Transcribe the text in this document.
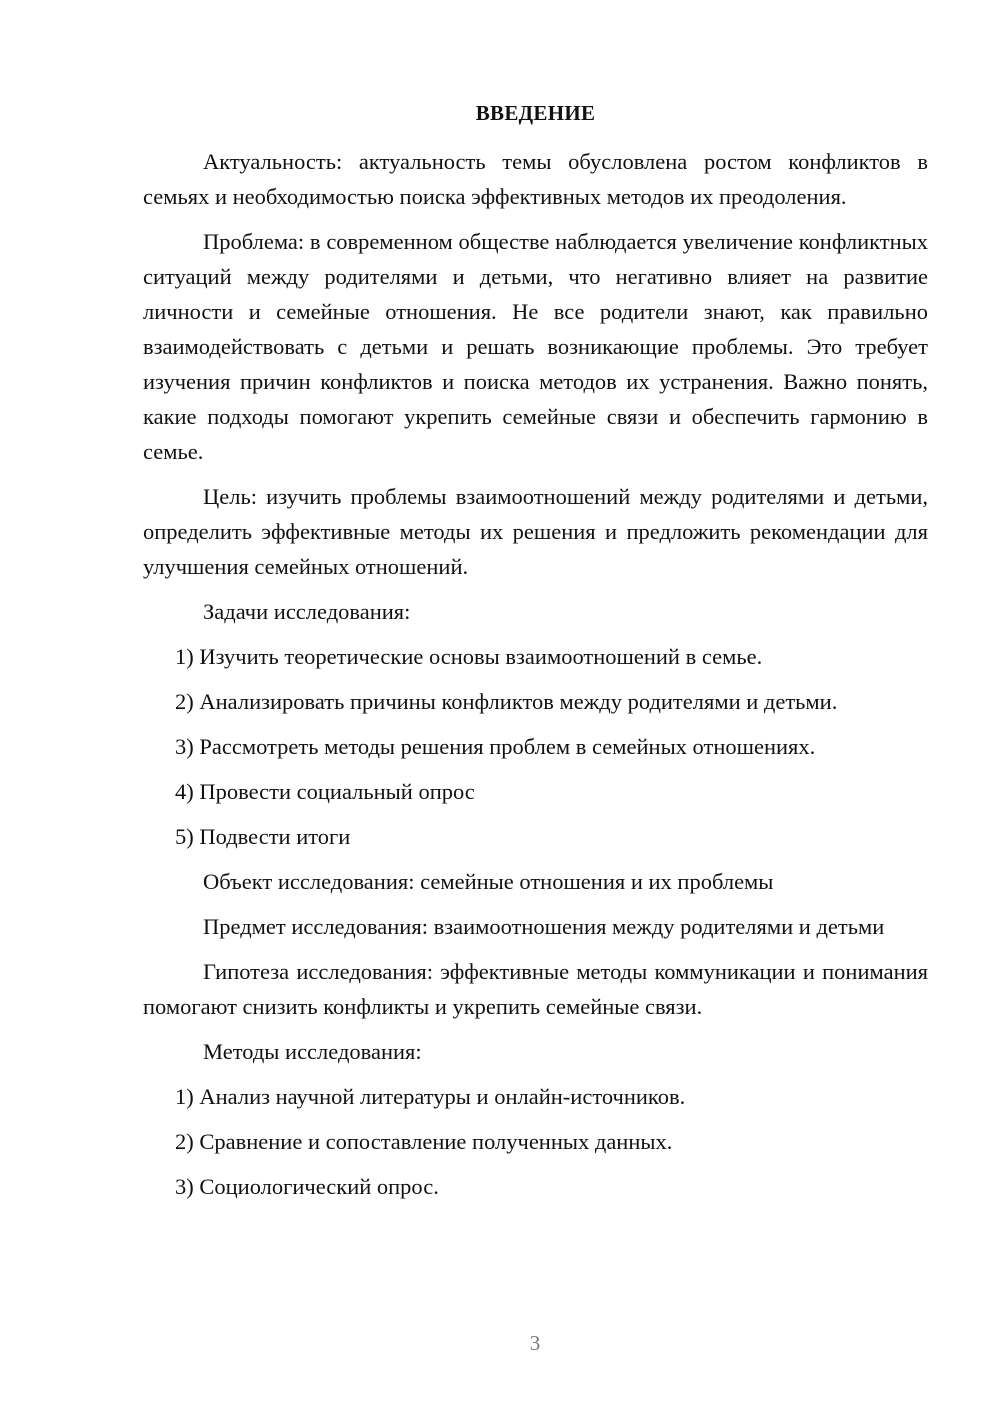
ВВЕДЕНИЕ

Актуальность: актуальность темы обусловлена ростом конфликтов в семьях и необходимостью поиска эффективных методов их преодоления.

Проблема: в современном обществе наблюдается увеличение конфликтных ситуаций между родителями и детьми, что негативно влияет на развитие личности и семейные отношения. Не все родители знают, как правильно взаимодействовать с детьми и решать возникающие проблемы. Это требует изучения причин конфликтов и поиска методов их устранения. Важно понять, какие подходы помогают укрепить семейные связи и обеспечить гармонию в семье.

Цель: изучить проблемы взаимоотношений между родителями и детьми, определить эффективные методы их решения и предложить рекомендации для улучшения семейных отношений.

Задачи исследования:
1) Изучить теоретические основы взаимоотношений в семье.
2) Анализировать причины конфликтов между родителями и детьми.
3) Рассмотреть методы решения проблем в семейных отношениях.
4) Провести социальный опрос
5) Подвести итоги
Объект исследования: семейные отношения и их проблемы

Предмет исследования: взаимоотношения между родителями и детьми

Гипотеза исследования: эффективные методы коммуникации и понимания помогают снизить конфликты и укрепить семейные связи.

Методы исследования:
1) Анализ научной литературы и онлайн-источников.
2) Сравнение и сопоставление полученных данных.
3) Социологический опрос.
3
